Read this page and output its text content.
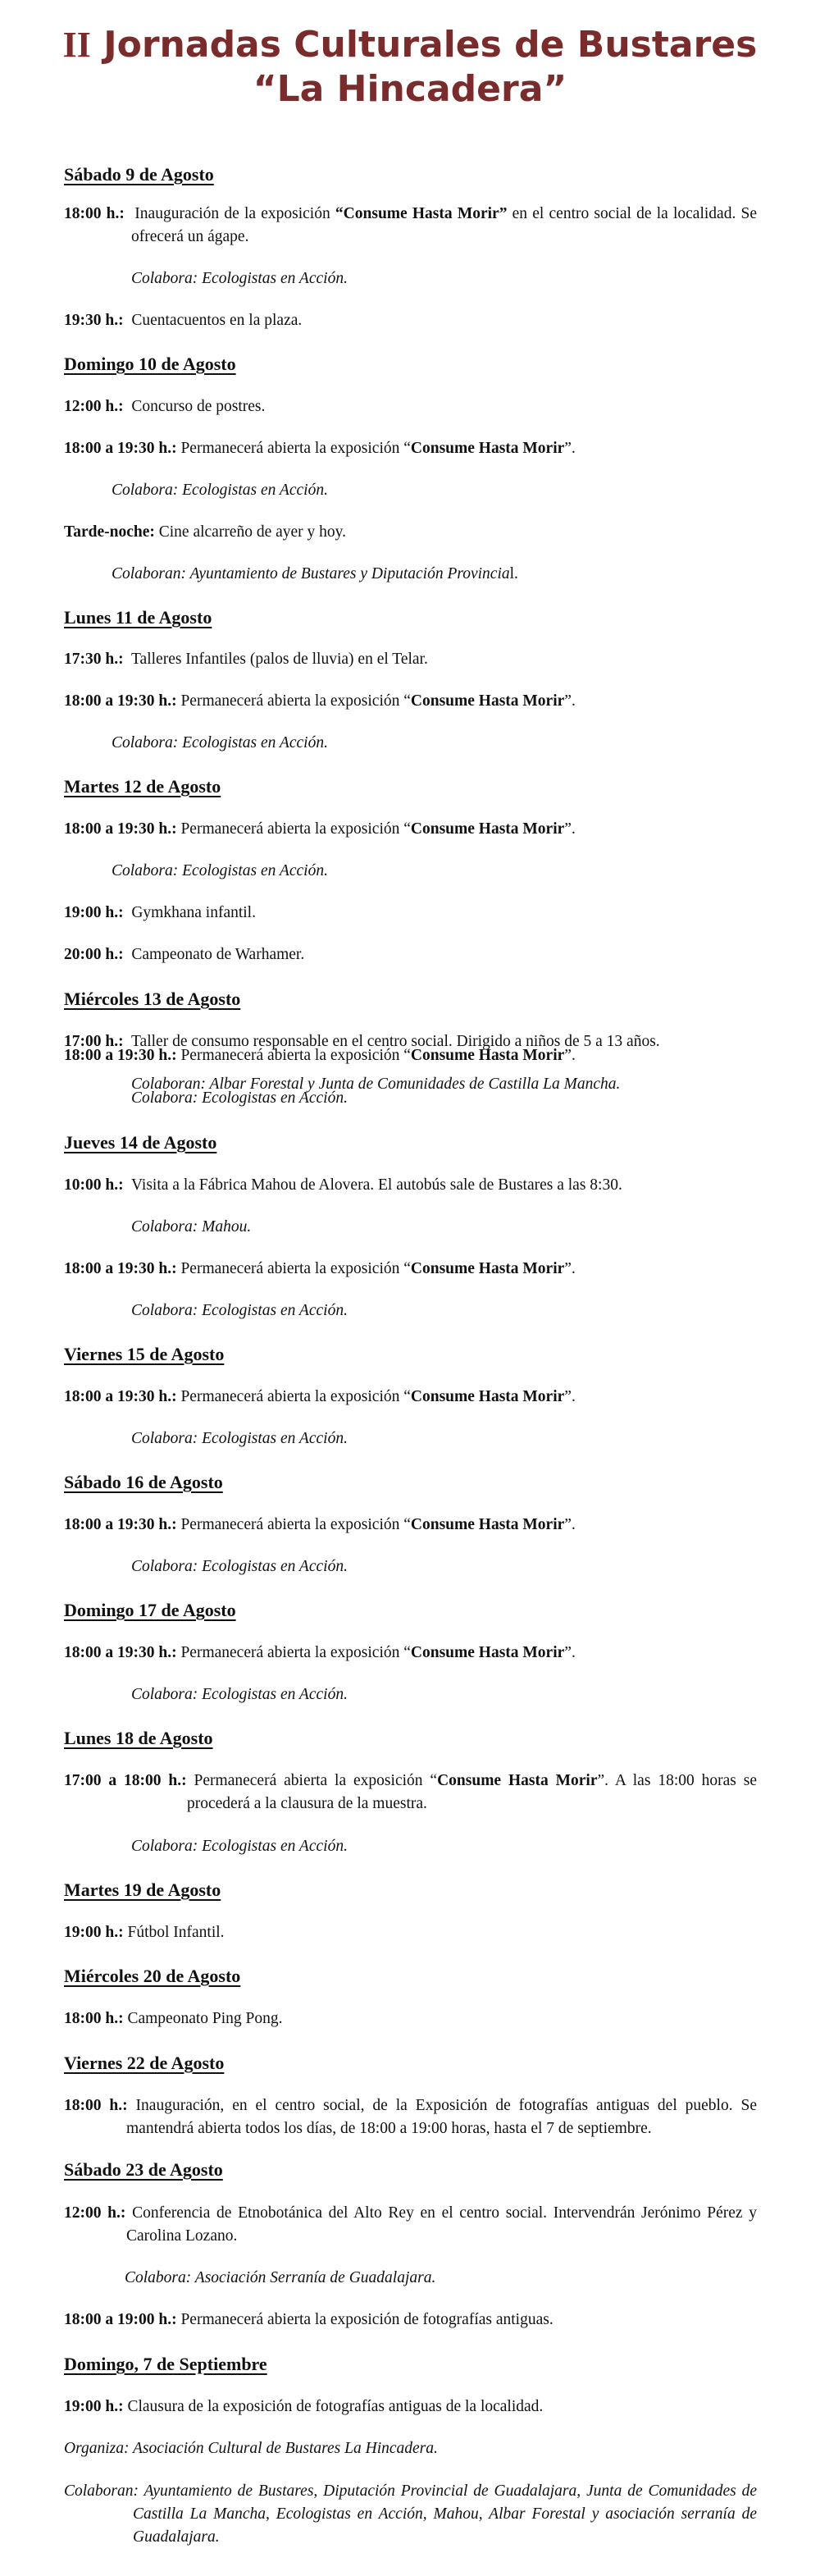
II Jornadas Culturales de Bustares “La Hincadera”
Sábado 9 de Agosto
18:00 h.: Inauguración de la exposición “Consume Hasta Morir” en el centro social de la localidad. Se ofrecerá un ágape.
Colabora: Ecologistas en Acción.
19:30 h.: Cuentacuentos en la plaza.
Domingo 10 de Agosto
12:00 h.: Concurso de postres.
18:00 a 19:30 h.: Permanecerá abierta la exposición “Consume Hasta Morir”.
Colabora: Ecologistas en Acción.
Tarde-noche: Cine alcarreño de ayer y hoy.
Colaboran: Ayuntamiento de Bustares y Diputación Provincial.
Lunes 11 de Agosto
17:30 h.: Talleres Infantiles (palos de lluvia) en el Telar.
18:00 a 19:30 h.: Permanecerá abierta la exposición “Consume Hasta Morir”.
Colabora: Ecologistas en Acción.
Martes 12 de Agosto
18:00 a 19:30 h.: Permanecerá abierta la exposición “Consume Hasta Morir”.
Colabora: Ecologistas en Acción.
19:00 h.: Gymkhana infantil.
20:00 h.: Campeonato de Warhamer.
Miércoles 13 de Agosto
17:00 h.: Taller de consumo responsable en el centro social. Dirigido a niños de 5 a 13 años.
18:00 a 19:30 h.: Permanecerá abierta la exposición “Consume Hasta Morir”.
Colaboran: Albar Forestal y Junta de Comunidades de Castilla La Mancha.
Colabora: Ecologistas en Acción.
Jueves 14 de Agosto
10:00 h.: Visita a la Fábrica Mahou de Alovera. El autobús sale de Bustares a las 8:30.
Colabora: Mahou.
18:00 a 19:30 h.: Permanecerá abierta la exposición “Consume Hasta Morir”.
Colabora: Ecologistas en Acción.
Viernes 15 de Agosto
18:00 a 19:30 h.: Permanecerá abierta la exposición “Consume Hasta Morir”.
Colabora: Ecologistas en Acción.
Sábado 16 de Agosto
18:00 a 19:30 h.: Permanecerá abierta la exposición “Consume Hasta Morir”.
Colabora: Ecologistas en Acción.
Domingo 17 de Agosto
18:00 a 19:30 h.: Permanecerá abierta la exposición “Consume Hasta Morir”.
Colabora: Ecologistas en Acción.
Lunes 18 de Agosto
17:00 a 18:00 h.: Permanecerá abierta la exposición “Consume Hasta Morir”. A las 18:00 horas se procederá a la clausura de la muestra.
Colabora: Ecologistas en Acción.
Martes 19 de Agosto
19:00 h.: Fútbol Infantil.
Miércoles 20 de Agosto
18:00 h.: Campeonato Ping Pong.
Viernes 22 de Agosto
18:00 h.: Inauguración, en el centro social, de la Exposición de fotografías antiguas del pueblo. Se mantendrá abierta todos los días, de 18:00 a 19:00 horas, hasta el 7 de septiembre.
Sábado 23 de Agosto
12:00 h.: Conferencia de Etnobotánica del Alto Rey en el centro social. Intervendrán Jerónimo Pérez y Carolina Lozano.
Colabora: Asociación Serranía de Guadalajara.
18:00 a 19:00 h.: Permanecerá abierta la exposición de fotografías antiguas.
Domingo, 7 de Septiembre
19:00 h.: Clausura de la exposición de fotografías antiguas de la localidad.
Organiza: Asociación Cultural de Bustares La Hincadera.
Colaboran: Ayuntamiento de Bustares, Diputación Provincial de Guadalajara, Junta de Comunidades de Castilla La Mancha, Ecologistas en Acción, Mahou, Albar Forestal y asociación serranía de Guadalajara.
